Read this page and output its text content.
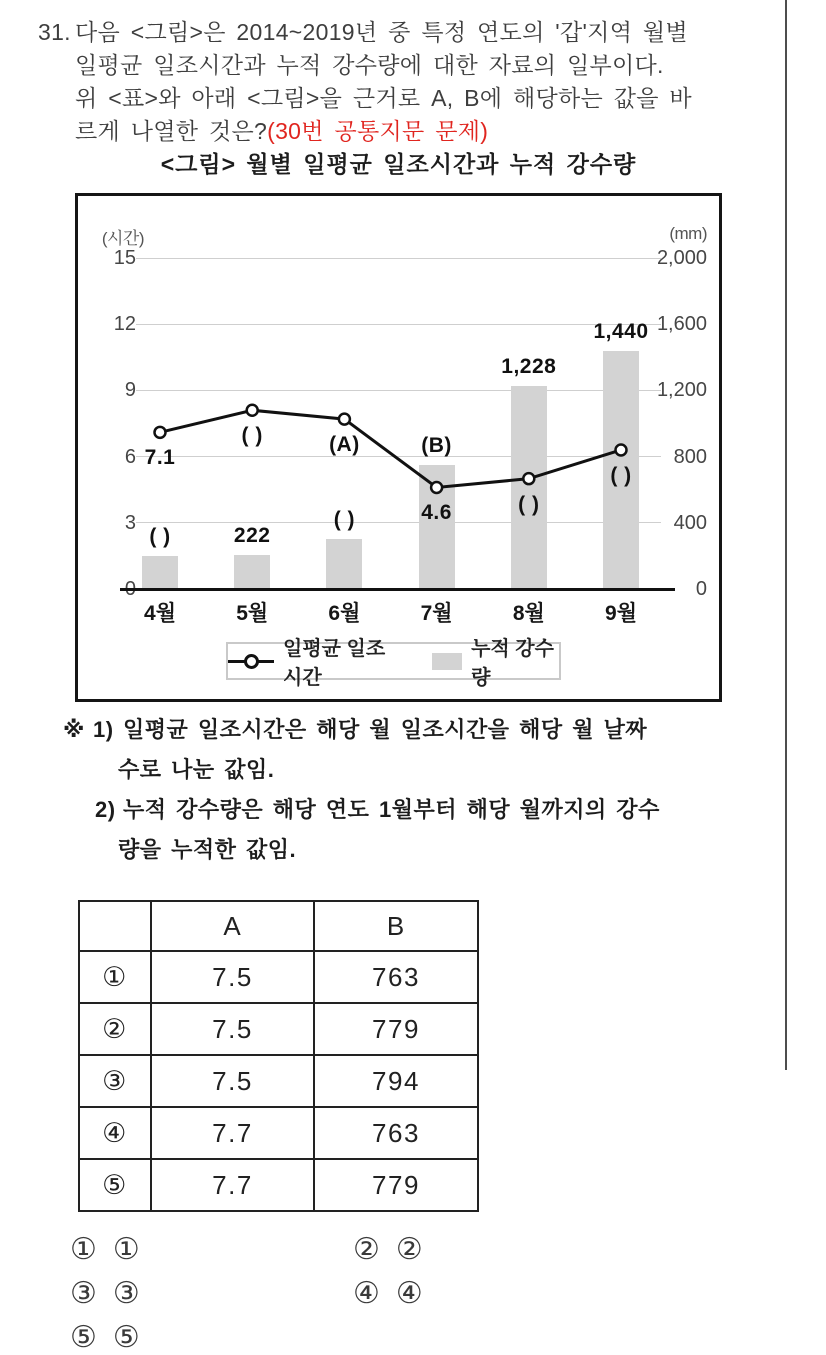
31. 다음 <그림>은 2014~2019년 중 특정 연도의 '갑'지역 월별
일평균 일조시간과 누적 강수량에 대한 자료의 일부이다.
위 <표>와 아래 <그림>을 근거로 A, B에 해당하는 값을 바
르게 나열한 것은?(30번 공통지문 문제)
<그림> 월별 일평균 일조시간과 누적 강수량
(시간)	(mm)
일평균 일조시간
누적 강수량
0
3	400
6	800
9	1,200
12	1,600
15	2,000
( )	222
( )
(B)
1,228
1,440
7.1
( )	(A)
4.6	( )
( )
4월	5월	6월	7월	8월	9월
※ 1) 일평균 일조시간은 해당 월 일조시간을 해당 월 날짜
수로 나눈 값임.
2) 누적 강수량은 해당 연도 1월부터 해당 월까지의 강수
량을 누적한 값임.
	A	B
①	7.5	763
②	7.5	779
③	7.5	794
④	7.7	763
⑤	7.7	779
① ①	② ②
③ ③	④ ④
⑤ ⑤
